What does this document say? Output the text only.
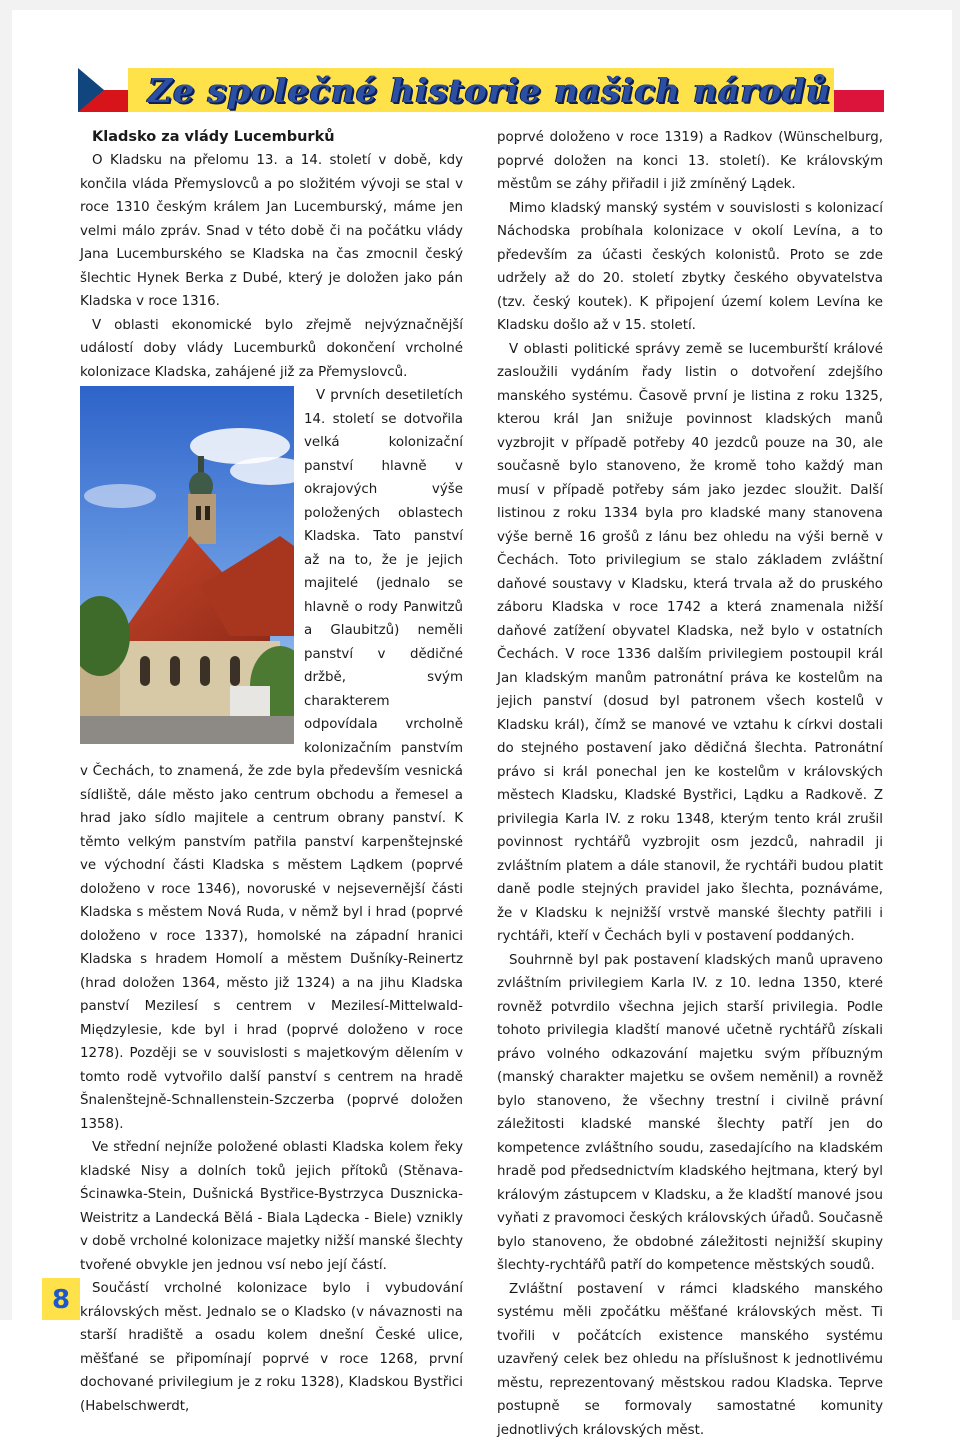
Ze společné historie našich národů

Kladsko za vlády Lucemburků

O Kladsku na přelomu 13. a 14. století v době, kdy končila vláda Přemyslovců a po složitém vývoji se stal v roce 1310 českým králem Jan Lucemburský, máme jen velmi málo zpráv. Snad v této době či na počátku vlády Jana Lucemburského se Kladska na čas zmocnil český šlechtic Hynek Berka z Dubé, který je doložen jako pán Kladska v roce 1316.

V oblasti ekonomické bylo zřejmě nejvýznačnější událostí doby vlády Lucemburků dokončení vrcholné kolonizace Kladska, zahájené již za Přemyslovců.

V prvních desetiletích 14. století se dotvořila velká kolonizační panství hlavně v okrajových výše položených oblastech Kladska. Tato panství až na to, že je jejich majitelé (jednalo se hlavně o rody Panwitzů a Glaubitzů) neměli panství v dědičné držbě, svým charakterem odpovídala vrcholně kolonizačním panstvím v Čechách, to znamená, že zde byla především vesnická sídliště, dále město jako centrum obchodu a řemesel a hrad jako sídlo majitele a centrum obrany panství. K těmto velkým panstvím patřila panství karpenštejnské ve východní části Kladska s městem Lądkem (poprvé doloženo v roce 1346), novoruské v nejsevernější části Kladska s městem Nová Ruda, v němž byl i hrad (poprvé doloženo v roce 1337), homolské na západní hranici Kladska s hradem Homolí a městem Dušníky-Reinertz (hrad doložen 1364, město již 1324) a na jihu Kladska panství Mezilesí s centrem v Mezilesí-Mittelwald-Międzylesie, kde byl i hrad (poprvé doloženo v roce 1278). Později se v souvislosti s majetkovým dělením v tomto rodě vytvořilo další panství s centrem na hradě Šnalenštejně-Schnallenstein-Szczerba (poprvé doložen 1358).

Ve střední nejníže položené oblasti Kladska kolem řeky kladské Nisy a dolních toků jejich přítoků (Stěnava-Ścinawka-Stein, Dušnická Bystřice-Bystrzyca Dusznicka-Weistritz a Landecká Bělá - Biala Lądecka - Biele) vznikly v době vrcholné kolonizace majetky nižší manské šlechty tvořené obvykle jen jednou vsí nebo její částí.

Součástí vrcholné kolonizace bylo i vybudování královských měst. Jednalo se o Kladsko (v návaznosti na starší hradiště a osadu kolem dnešní České ulice, měšťané se připomínají poprvé v roce 1268, první dochované privilegium je z roku 1328), Kladskou Bystřici (Habelschwerdt,

poprvé doloženo v roce 1319) a Radkov (Wünschelburg, poprvé doložen na konci 13. století). Ke královským městům se záhy přiřadil i již zmíněný Lądek.

Mimo kladský manský systém v souvislosti s kolonizací Náchodska probíhala kolonizace v okolí Levína, a to především za účasti českých kolonistů. Proto se zde udržely až do 20. století zbytky českého obyvatelstva (tzv. český koutek). K připojení území kolem Levína ke Kladsku došlo až v 15. století.

V oblasti politické správy země se lucemburští králové zasloužili vydáním řady listin o dotvoření zdejšího manského systému. Časově první je listina z roku 1325, kterou král Jan snižuje povinnost kladských manů vyzbrojit v případě potřeby 40 jezdců pouze na 30, ale současně bylo stanoveno, že kromě toho každý man musí v případě potřeby sám jako jezdec sloužit. Další listinou z roku 1334 byla pro kladské many stanovena výše berně 16 grošů z lánu bez ohledu na výši berně v Čechách. Toto privilegium se stalo základem zvláštní daňové soustavy v Kladsku, která trvala až do pruského záboru Kladska v roce 1742 a která znamenala nižší daňové zatížení obyvatel Kladska, než bylo v ostatních Čechách. V roce 1336 dalším privilegiem postoupil král Jan kladským manům patronátní práva ke kostelům na jejich panství (dosud byl patronem všech kostelů v Kladsku král), čímž se manové ve vztahu k církvi dostali do stejného postavení jako dědičná šlechta. Patronátní právo si král ponechal jen ke kostelům v královských městech Kladsku, Kladské Bystřici, Lądku a Radkově. Z privilegia Karla IV. z roku 1348, kterým tento král zrušil povinnost rychtářů vyzbrojit osm jezdců, nahradil ji zvláštním platem a dále stanovil, že rychtáři budou platit daně podle stejných pravidel jako šlechta, poznáváme, že v Kladsku k nejnižší vrstvě manské šlechty patřili i rychtáři, kteří v Čechách byli v postavení poddaných.

Souhrnně byl pak postavení kladských manů upraveno zvláštním privilegiem Karla IV. z 10. ledna 1350, které rovněž potvrdilo všechna jejich starší privilegia. Podle tohoto privilegia kladští manové učetně rychtářů získali právo volného odkazování majetku svým příbuzným (manský charakter majetku se ovšem neměnil) a rovněž bylo stanoveno, že všechny trestní i civilně právní záležitosti kladské manské šlechty patří jen do kompetence zvláštního soudu, zasedajícího na kladském hradě pod předsednictvím kladského hejtmana, který byl královým zástupcem v Kladsku, a že kladští manové jsou vyňati z pravomoci českých královských úřadů. Současně bylo stanoveno, že obdobné záležitosti nejnižší skupiny šlechty-rychtářů patří do kompetence městských soudů.

Zvláštní postavení v rámci kladského manského systému měli zpočátku měšťané královských měst. Ti tvořili v počátcích existence manského systému uzavřený celek bez ohledu na příslušnost k jednotlivému městu, reprezentovaný městskou radou Kladska. Teprve postupně se formovaly samostatné komunity jednotlivých královských měst.

8
